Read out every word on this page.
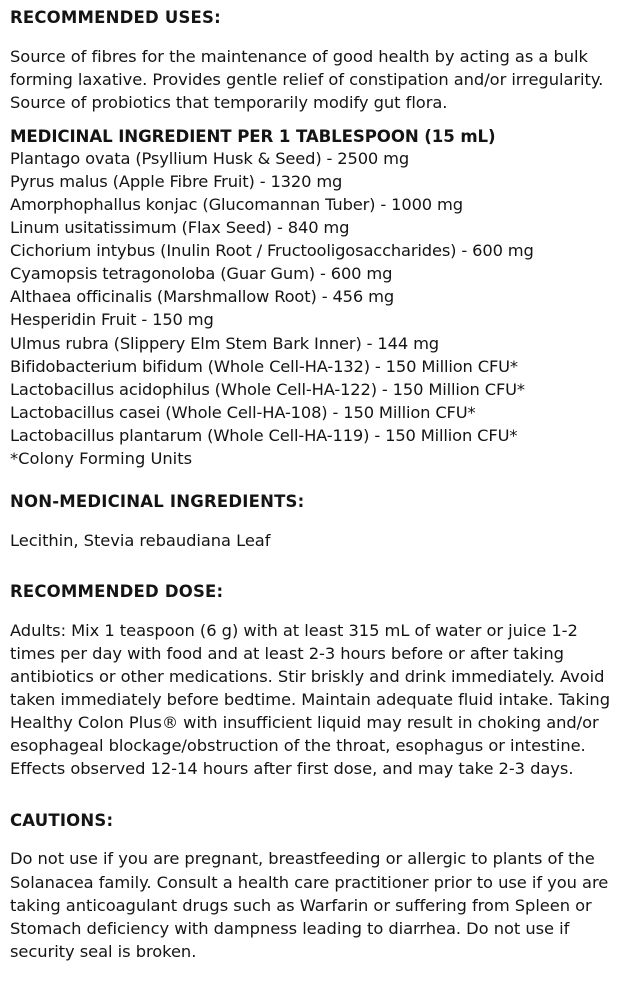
RECOMMENDED USES:

Source of fibres for the maintenance of good health by acting as a bulk forming laxative. Provides gentle relief of constipation and/or irregularity. Source of probiotics that temporarily modify gut flora.

MEDICINAL INGREDIENT PER 1 TABLESPOON (15 mL)
Plantago ovata (Psyllium Husk & Seed) - 2500 mg
Pyrus malus (Apple Fibre Fruit) - 1320 mg
Amorphophallus konjac (Glucomannan Tuber) - 1000 mg
Linum usitatissimum (Flax Seed) - 840 mg
Cichorium intybus (Inulin Root / Fructooligosaccharides) - 600 mg
Cyamopsis tetragonoloba (Guar Gum) - 600 mg
Althaea officinalis (Marshmallow Root) - 456 mg
Hesperidin Fruit - 150 mg
Ulmus rubra (Slippery Elm Stem Bark Inner) - 144 mg
Bifidobacterium bifidum (Whole Cell-HA-132) - 150 Million CFU*
Lactobacillus acidophilus (Whole Cell-HA-122) - 150 Million CFU*
Lactobacillus casei (Whole Cell-HA-108) - 150 Million CFU*
Lactobacillus plantarum (Whole Cell-HA-119) - 150 Million CFU*

*Colony Forming Units

NON-MEDICINAL INGREDIENTS:

Lecithin, Stevia rebaudiana Leaf

RECOMMENDED DOSE:

Adults: Mix 1 teaspoon (6 g) with at least 315 mL of water or juice 1-2 times per day with food and at least 2-3 hours before or after taking antibiotics or other medications. Stir briskly and drink immediately. Avoid taken immediately before bedtime. Maintain adequate fluid intake. Taking Healthy Colon Plus® with insufficient liquid may result in choking and/or esophageal blockage/obstruction of the throat, esophagus or intestine. Effects observed 12-14 hours after first dose, and may take 2-3 days.

CAUTIONS:

Do not use if you are pregnant, breastfeeding or allergic to plants of the Solanacea family. Consult a health care practitioner prior to use if you are taking anticoagulant drugs such as Warfarin or suffering from Spleen or Stomach deficiency with dampness leading to diarrhea. Do not use if security seal is broken.
